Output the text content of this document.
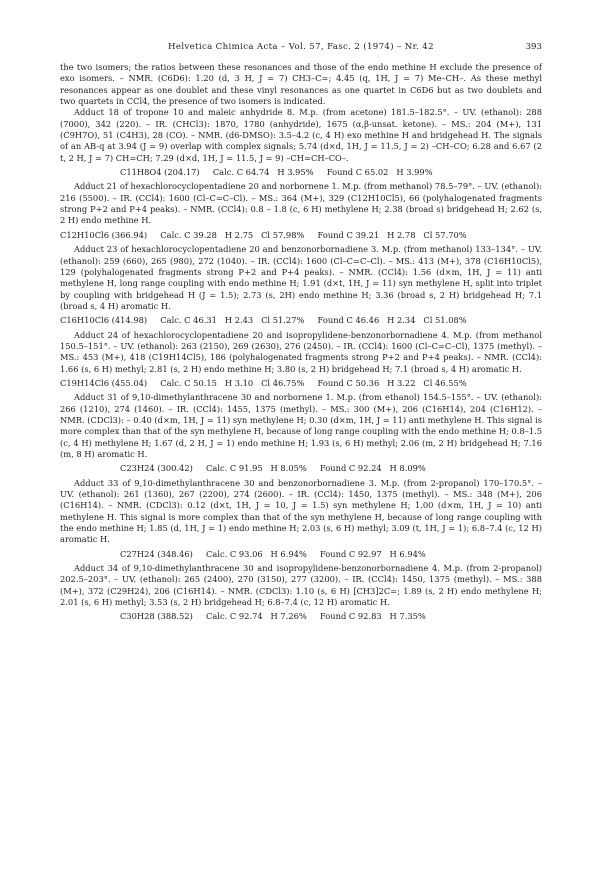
Helvetica Chimica Acta – Vol. 57, Fasc. 2 (1974) – Nr. 42	393

the two isomers; the ratios between these resonances and those of the endo methine H exclude the presence of exo isomers. – NMR. (C6D6): 1.20 (d, 3 H, J = 7) CH3–C=; 4.45 (q, 1H, J = 7) Me–CH–. As these methyl resonances appear as one doublet and these vinyl resonances as one quartet in C6D6 but as two doublets and two quartets in CCl4, the presence of two isomers is indicated.

Adduct 18 of tropone 10 and maleic anhydride 8. M.p. (from acetone) 181.5–182.5°. – UV. (ethanol): 288 (7000), 342 (220). – IR. (CHCl3): 1870, 1780 (anhydride), 1675 (α,β-unsat. ketone). – MS.: 204 (M+), 131 (C9H7O), 51 (C4H3), 28 (CO). – NMR. (d6-DMSO): 3.5–4.2 (c, 4 H) exo methine H and bridgehead H. The signals of an AB-q at 3.94 (J = 9) overlap with complex signals; 5.74 (d×d, 1H, J = 11.5, J = 2) –CH–CO; 6.28 and 6.67 (2 t, 2 H, J = 7) CH=CH; 7.29 (d×d, 1H, J = 11.5, J = 9) –CH=CH–CO–.

C11H8O4 (204.17)     Calc. C 64.74   H 3.95%     Found C 65.02   H 3.99%

Adduct 21 of hexachlorocyclopentadiene 20 and norbornene 1. M.p. (from methanol) 78.5–79°. – UV. (ethanol): 216 (5500). – IR. (CCl4): 1600 (Cl–C=C–Cl). – MS.: 364 (M+), 329 (C12H10Cl5), 66 (polyhalogenated fragments strong P+2 and P+4 peaks). – NMR. (CCl4): 0.8 – 1.8 (c, 6 H) methylene H; 2.38 (broad s) bridgehead H; 2.62 (s, 2 H) endo methine H.

C12H10Cl6 (366.94)     Calc. C 39.28   H 2.75   Cl 57.98%     Found C 39.21   H 2.78   Cl 57.70%

Adduct 23 of hexachlorocyclopentadiene 20 and benzonorbornadiene 3. M.p. (from methanol) 133–134°. – UV. (ethanol): 259 (660), 265 (980), 272 (1040). – IR. (CCl4): 1600 (Cl–C=C–Cl). – MS.: 413 (M+), 378 (C16H10Cl5), 129 (polyhalogenated fragments strong P+2 and P+4 peaks). – NMR. (CCl4): 1.56 (d×m, 1H, J = 11) anti methylene H, long range coupling with endo methine H; 1.91 (d×t, 1H, J = 11) syn methylene H, split into triplet by coupling with bridgehead H (J = 1.5); 2.73 (s, 2H) endo methine H; 3.36 (broad s, 2 H) bridgehead H; 7.1 (broad s, 4 H) aromatic H.

C16H10Cl6 (414.98)     Calc. C 46.31   H 2.43   Cl 51.27%     Found C 46.46   H 2.34   Cl 51.08%

Adduct 24 of hexachlorocyclopentadiene 20 and isopropylidene-benzonorbornadiene 4. M.p. (from methanol 150.5–151°. – UV. (ethanol): 263 (2150), 269 (2630), 276 (2450). – IR. (CCl4): 1600 (Cl–C=C–Cl), 1375 (methyl). – MS.: 453 (M+), 418 (C19H14Cl5), 186 (polyhalogenated fragments strong P+2 and P+4 peaks). – NMR. (CCl4): 1.66 (s, 6 H) methyl; 2.81 (s, 2 H) endo methine H; 3.80 (s, 2 H) bridgehead H; 7.1 (broad s, 4 H) aromatic H.

C19H14Cl6 (455.04)     Calc. C 50.15   H 3.10   Cl 46.75%     Found C 50.36   H 3.22   Cl 46.55%

Adduct 31 of 9,10-dimethylanthracene 30 and norbornene 1. M.p. (from ethanol) 154.5–155°. – UV. (ethanol): 266 (1210), 274 (1460). – IR. (CCl4): 1455, 1375 (methyl). – MS.: 300 (M+), 206 (C16H14), 204 (C16H12). – NMR. (CDCl3): – 0.40 (d×m, 1H, J = 11) syn methylene H; 0.30 (d×m, 1H, J = 11) anti methylene H. This signal is more complex than that of the syn methylene H, because of long range coupling with the endo methine H; 0.8–1.5 (c, 4 H) methylene H; 1.67 (d, 2 H, J = 1) endo methine H; 1.93 (s, 6 H) methyl; 2.06 (m, 2 H) bridgehead H; 7.16 (m, 8 H) aromatic H.

C23H24 (300.42)     Calc. C 91.95   H 8.05%     Found C 92.24   H 8.09%

Adduct 33 of 9,10-dimethylanthracene 30 and benzonorbornadiene 3. M.p. (from 2-propanol) 170–170.5°. – UV. (ethanol): 261 (1360), 267 (2200), 274 (2600). – IR. (CCl4): 1450, 1375 (methyl). – MS.: 348 (M+), 206 (C16H14). – NMR. (CDCl3): 0.12 (d×t, 1H, J = 10, J = 1.5) syn methylene H; 1.00 (d×m, 1H, J = 10) anti methylene H. This signal is more complex than that of the syn methylene H, because of long range coupling with the endo methine H; 1.85 (d, 1H, J = 1) endo methine H; 2.03 (s, 6 H) methyl; 3.09 (t, 1H, J = 1); 6.8–7.4 (c, 12 H) aromatic H.

C27H24 (348.46)     Calc. C 93.06   H 6.94%     Found C 92.97   H 6.94%

Adduct 34 of 9,10-dimethylanthracene 30 and isopropylidene-benzonorbornadiene 4. M.p. (from 2-propanol) 202.5–203°. – UV. (ethanol): 265 (2400), 270 (3150), 277 (3200). – IR. (CCl4): 1450, 1375 (methyl). – MS.: 388 (M+), 372 (C29H24), 206 (C16H14). – NMR. (CDCl3): 1.10 (s, 6 H) [CH3]2C=; 1.89 (s, 2 H) endo methylene H; 2.01 (s, 6 H) methyl; 3.53 (s, 2 H) bridgehead H; 6.8–7.4 (c, 12 H) aromatic H.

C30H28 (388.52)     Calc. C 92.74   H 7.26%     Found C 92.83   H 7.35%
